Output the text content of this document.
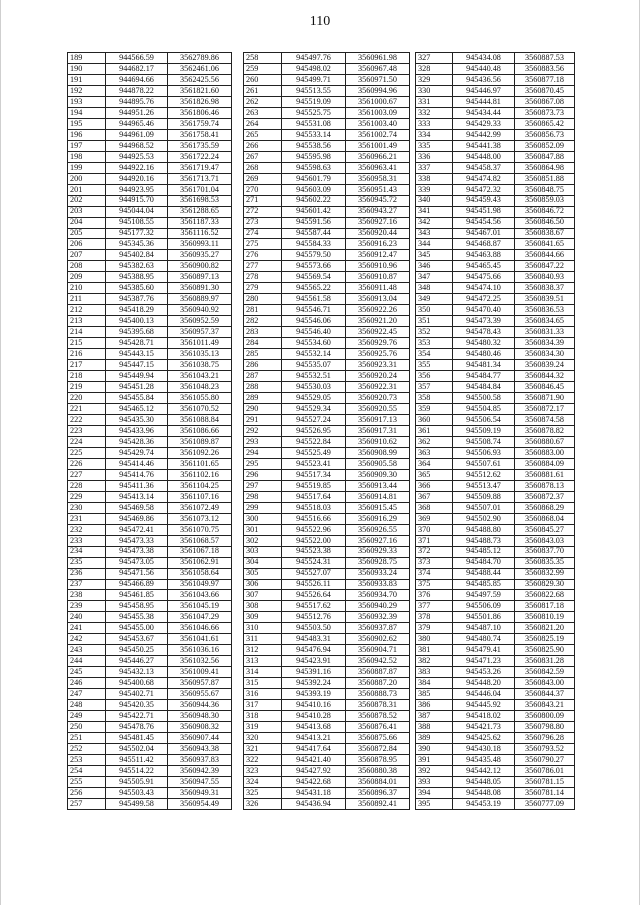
110
189	944566.59	3562789.86
190	944682.17	3562461.06
191	944694.66	3562425.56
192	944878.22	3561821.60
193	944895.76	3561826.98
194	944951.26	3561806.46
195	944965.46	3561759.74
196	944961.09	3561758.41
197	944968.52	3561735.59
198	944925.53	3561722.24
199	944922.16	3561719.47
200	944920.16	3561713.71
201	944923.95	3561701.04
202	944915.70	3561698.53
203	945044.04	3561288.65
204	945108.55	3561187.33
205	945177.32	3561116.52
206	945345.36	3560993.11
207	945402.84	3560935.27
208	945382.63	3560900.82
209	945388.95	3560897.13
210	945385.60	3560891.30
211	945387.76	3560889.97
212	945418.29	3560940.92
213	945400.13	3560952.59
214	945395.68	3560957.37
215	945428.71	3561011.49
216	945443.15	3561035.13
217	945447.15	3561038.75
218	945449.94	3561043.21
219	945451.28	3561048.23
220	945455.84	3561055.80
221	945465.12	3561070.52
222	945435.30	3561088.84
223	945433.96	3561086.66
224	945428.36	3561089.87
225	945429.74	3561092.26
226	945414.46	3561101.65
227	945414.76	3561102.16
228	945411.36	3561104.25
229	945413.14	3561107.16
230	945469.58	3561072.49
231	945469.86	3561073.12
232	945472.41	3561070.75
233	945473.33	3561068.57
234	945473.38	3561067.18
235	945473.05	3561062.91
236	945471.56	3561058.64
237	945466.89	3561049.97
238	945461.85	3561043.66
239	945458.95	3561045.19
240	945455.38	3561047.29
241	945455.00	3561046.66
242	945453.67	3561041.61
243	945450.25	3561036.16
244	945446.27	3561032.56
245	945432.13	3561009.41
246	945400.68	3560957.87
247	945402.71	3560955.67
248	945420.35	3560944.36
249	945422.71	3560948.30
250	945478.76	3560908.32
251	945481.45	3560907.44
252	945502.04	3560943.38
253	945511.42	3560937.83
254	945514.22	3560942.39
255	945505.91	3560947.55
256	945503.43	3560949.31
257	945499.58	3560954.49
258	945497.76	3560961.98
259	945498.02	3560967.48
260	945499.71	3560971.50
261	945513.55	3560994.96
262	945519.09	3561000.67
263	945525.75	3561003.09
264	945531.08	3561003.40
265	945533.14	3561002.74
266	945538.56	3561001.49
267	945595.98	3560966.21
268	945598.63	3560963.41
269	945601.79	3560958.31
270	945603.09	3560951.43
271	945602.22	3560945.72
272	945601.42	3560943.27
273	945591.56	3560927.16
274	945587.44	3560920.44
275	945584.33	3560916.23
276	945579.50	3560912.47
277	945573.66	3560910.96
278	945569.54	3560910.87
279	945565.22	3560911.48
280	945561.58	3560913.04
281	945546.71	3560922.26
282	945546.06	3560921.20
283	945546.40	3560922.45
284	945534.60	3560929.76
285	945532.14	3560925.76
286	945535.07	3560923.31
287	945532.51	3560920.24
288	945530.03	3560922.31
289	945529.05	3560920.73
290	945529.34	3560920.55
291	945527.24	3560917.13
292	945526.95	3560917.31
293	945522.84	3560910.62
294	945525.49	3560908.99
295	945523.41	3560905.58
296	945517.34	3560909.30
297	945519.85	3560913.44
298	945517.64	3560914.81
299	945518.03	3560915.45
300	945516.66	3560916.29
301	945522.96	3560926.55
302	945522.00	3560927.16
303	945523.38	3560929.33
304	945524.31	3560928.75
305	945527.07	3560933.24
306	945526.11	3560933.83
307	945526.64	3560934.70
308	945517.62	3560940.29
309	945512.76	3560932.39
310	945503.50	3560937.87
311	945483.31	3560902.62
312	945476.94	3560904.71
313	945423.91	3560942.52
314	945391.16	3560887.87
315	945392.24	3560887.20
316	945393.19	3560888.73
317	945410.16	3560878.31
318	945410.28	3560878.52
319	945413.68	3560876.41
320	945413.21	3560875.66
321	945417.64	3560872.84
322	945421.40	3560878.95
323	945427.92	3560880.38
324	945422.68	3560884.01
325	945431.18	3560896.37
326	945436.94	3560892.41
327	945434.08	3560887.53
328	945440.48	3560883.56
329	945436.56	3560877.18
330	945446.97	3560870.45
331	945444.81	3560867.08
332	945434.44	3560873.73
333	945429.33	3560865.42
334	945442.99	3560856.73
335	945441.38	3560852.09
336	945448.00	3560847.88
337	945458.37	3560864.98
338	945474.82	3560851.88
339	945472.32	3560848.75
340	945459.43	3560859.03
341	945451.98	3560846.72
342	945454.56	3560846.50
343	945467.01	3560838.67
344	945468.87	3560841.65
345	945463.88	3560844.66
346	945465.45	3560847.22
347	945475.66	3560840.93
348	945474.10	3560838.37
349	945472.25	3560839.51
350	945470.40	3560836.53
351	945473.39	3560834.65
352	945478.43	3560831.33
353	945480.32	3560834.39
354	945480.46	3560834.30
355	945481.34	3560839.24
356	945484.77	3560844.32
357	945484.84	3560846.45
358	945500.58	3560871.90
359	945504.85	3560872.17
360	945506.54	3560874.58
361	945509.19	3560878.82
362	945508.74	3560880.67
363	945506.93	3560883.00
364	945507.61	3560884.09
365	945512.62	3560881.61
366	945513.47	3560878.13
367	945509.88	3560872.37
368	945507.01	3560868.29
369	945502.90	3560868.04
370	945488.80	3560845.27
371	945488.73	3560843.03
372	945485.12	3560837.70
373	945484.70	3560835.35
374	945488.44	3560832.99
375	945485.85	3560829.30
376	945497.59	3560822.68
377	945506.09	3560817.18
378	945501.86	3560810.19
379	945487.10	3560821.20
380	945480.74	3560825.19
381	945479.41	3560825.90
382	945471.23	3560831.28
383	945453.26	3560842.59
384	945448.20	3560843.00
385	945446.04	3560844.37
386	945445.92	3560843.21
387	945418.02	3560800.09
388	945421.73	3560798.80
389	945425.62	3560796.28
390	945430.18	3560793.52
391	945435.48	3560790.27
392	945442.12	3560786.01
393	945448.05	3560781.15
394	945448.08	3560781.14
395	945453.19	3560777.09
